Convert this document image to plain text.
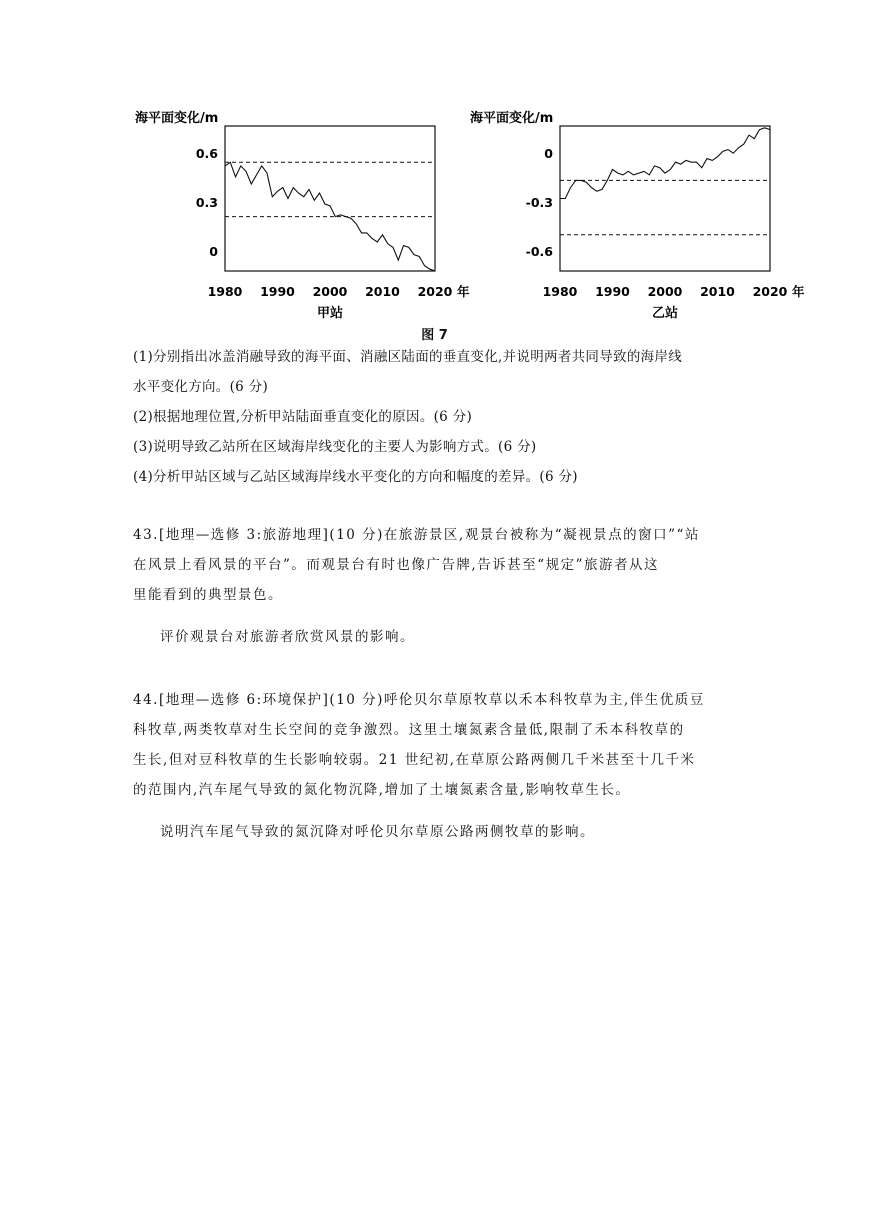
海平面变化/m
0.6
0.3
0
1980 1990 2000 2010 2020 年
甲站
海平面变化/m
0
-0.3
-0.6
1980 1990 2000 2010 2020 年
乙站
图 7
(1)分别指出冰盖消融导致的海平面、消融区陆面的垂直变化,并说明两者共同导致的海岸线
水平变化方向。(6 分)
(2)根据地理位置,分析甲站陆面垂直变化的原因。(6 分)
(3)说明导致乙站所在区域海岸线变化的主要人为影响方式。(6 分)
(4)分析甲站区域与乙站区域海岸线水平变化的方向和幅度的差异。(6 分)
43.[地理—选修 3:旅游地理](10 分)在旅游景区,观景台被称为“凝视景点的窗口”“站
在风景上看风景的平台”。而观景台有时也像广告牌,告诉甚至“规定”旅游者从这
里能看到的典型景色。
评价观景台对旅游者欣赏风景的影响。
44.[地理—选修 6:环境保护](10 分)呼伦贝尔草原牧草以禾本科牧草为主,伴生优质豆
科牧草,两类牧草对生长空间的竞争激烈。这里土壤氮素含量低,限制了禾本科牧草的
生长,但对豆科牧草的生长影响较弱。21 世纪初,在草原公路两侧几千米甚至十几千米
的范围内,汽车尾气导致的氮化物沉降,增加了土壤氮素含量,影响牧草生长。
说明汽车尾气导致的氮沉降对呼伦贝尔草原公路两侧牧草的影响。
